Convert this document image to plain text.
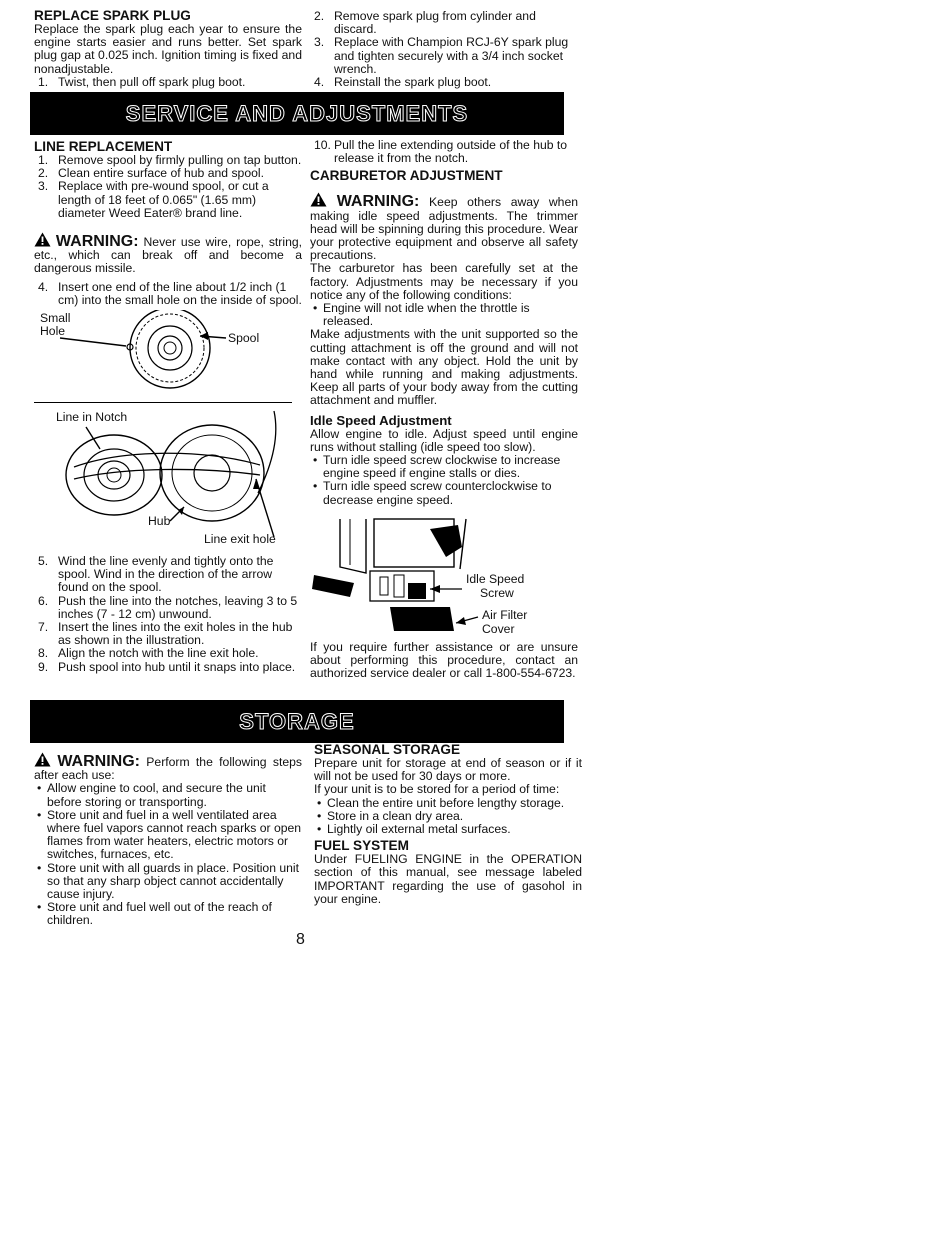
REPLACE SPARK PLUG

Replace the spark plug each year to ensure the engine starts easier and runs better. Set spark plug gap at 0.025 inch. Ignition timing is fixed and nonadjustable.

1. Twist, then pull off spark plug boot.
2. Remove spark plug from cylinder and discard.
3. Replace with Champion RCJ-6Y spark plug and tighten securely with a 3/4 inch socket wrench.
4. Reinstall the spark plug boot.
SERVICE AND ADJUSTMENTS
LINE REPLACEMENT
1. Remove spool by firmly pulling on tap button.
2. Clean entire surface of hub and spool.
3. Replace with pre-wound spool, or cut a length of 18 feet of 0.065" (1.65 mm) diameter Weed Eater® brand line.

WARNING: Never use wire, rope, string, etc., which can break off and become a dangerous missile.

4. Insert one end of the line about 1/2 inch (1 cm) into the small hole on the inside of spool.
Small Hole	Spool
Line in Notch
Hub
Line exit hole
5. Wind the line evenly and tightly onto the spool. Wind in the direction of the arrow found on the spool.
6. Push the line into the notches, leaving 3 to 5 inches (7 - 12 cm) unwound.
7. Insert the lines into the exit holes in the hub as shown in the illustration.
8. Align the notch with the line exit hole.
9. Push spool into hub until it snaps into place.
10. Pull the line extending outside of the hub to release it from the notch.
CARBURETOR ADJUSTMENT

WARNING: Keep others away when making idle speed adjustments. The trimmer head will be spinning during this procedure. Wear your protective equipment and observe all safety precautions.

The carburetor has been carefully set at the factory. Adjustments may be necessary if you notice any of the following conditions:

• Engine will not idle when the throttle is released.

Make adjustments with the unit supported so the cutting attachment is off the ground and will not make contact with any object. Hold the unit by hand while running and making adjustments. Keep all parts of your body away from the cutting attachment and muffler.

Idle Speed Adjustment

Allow engine to idle. Adjust speed until engine runs without stalling (idle speed too slow).

• Turn idle speed screw clockwise to increase engine speed if engine stalls or dies.
• Turn idle speed screw counterclockwise to decrease engine speed.
Idle Speed
Screw
Air Filter
Cover

If you require further assistance or are unsure about performing this procedure, contact an authorized service dealer or call 1-800-554-6723.

STORAGE

WARNING: Perform the following steps after each use:

• Allow engine to cool, and secure the unit before storing or transporting.
• Store unit and fuel in a well ventilated area where fuel vapors cannot reach sparks or open flames from water heaters, electric motors or switches, furnaces, etc.
• Store unit with all guards in place. Position unit so that any sharp object cannot accidentally cause injury.
• Store unit and fuel well out of the reach of children.
SEASONAL STORAGE

Prepare unit for storage at end of season or if it will not be used for 30 days or more.

If your unit is to be stored for a period of time:

• Clean the entire unit before lengthy storage.
• Store in a clean dry area.
• Lightly oil external metal surfaces.
FUEL SYSTEM

Under FUELING ENGINE in the OPERATION section of this manual, see message labeled IMPORTANT regarding the use of gasohol in your engine.

8
